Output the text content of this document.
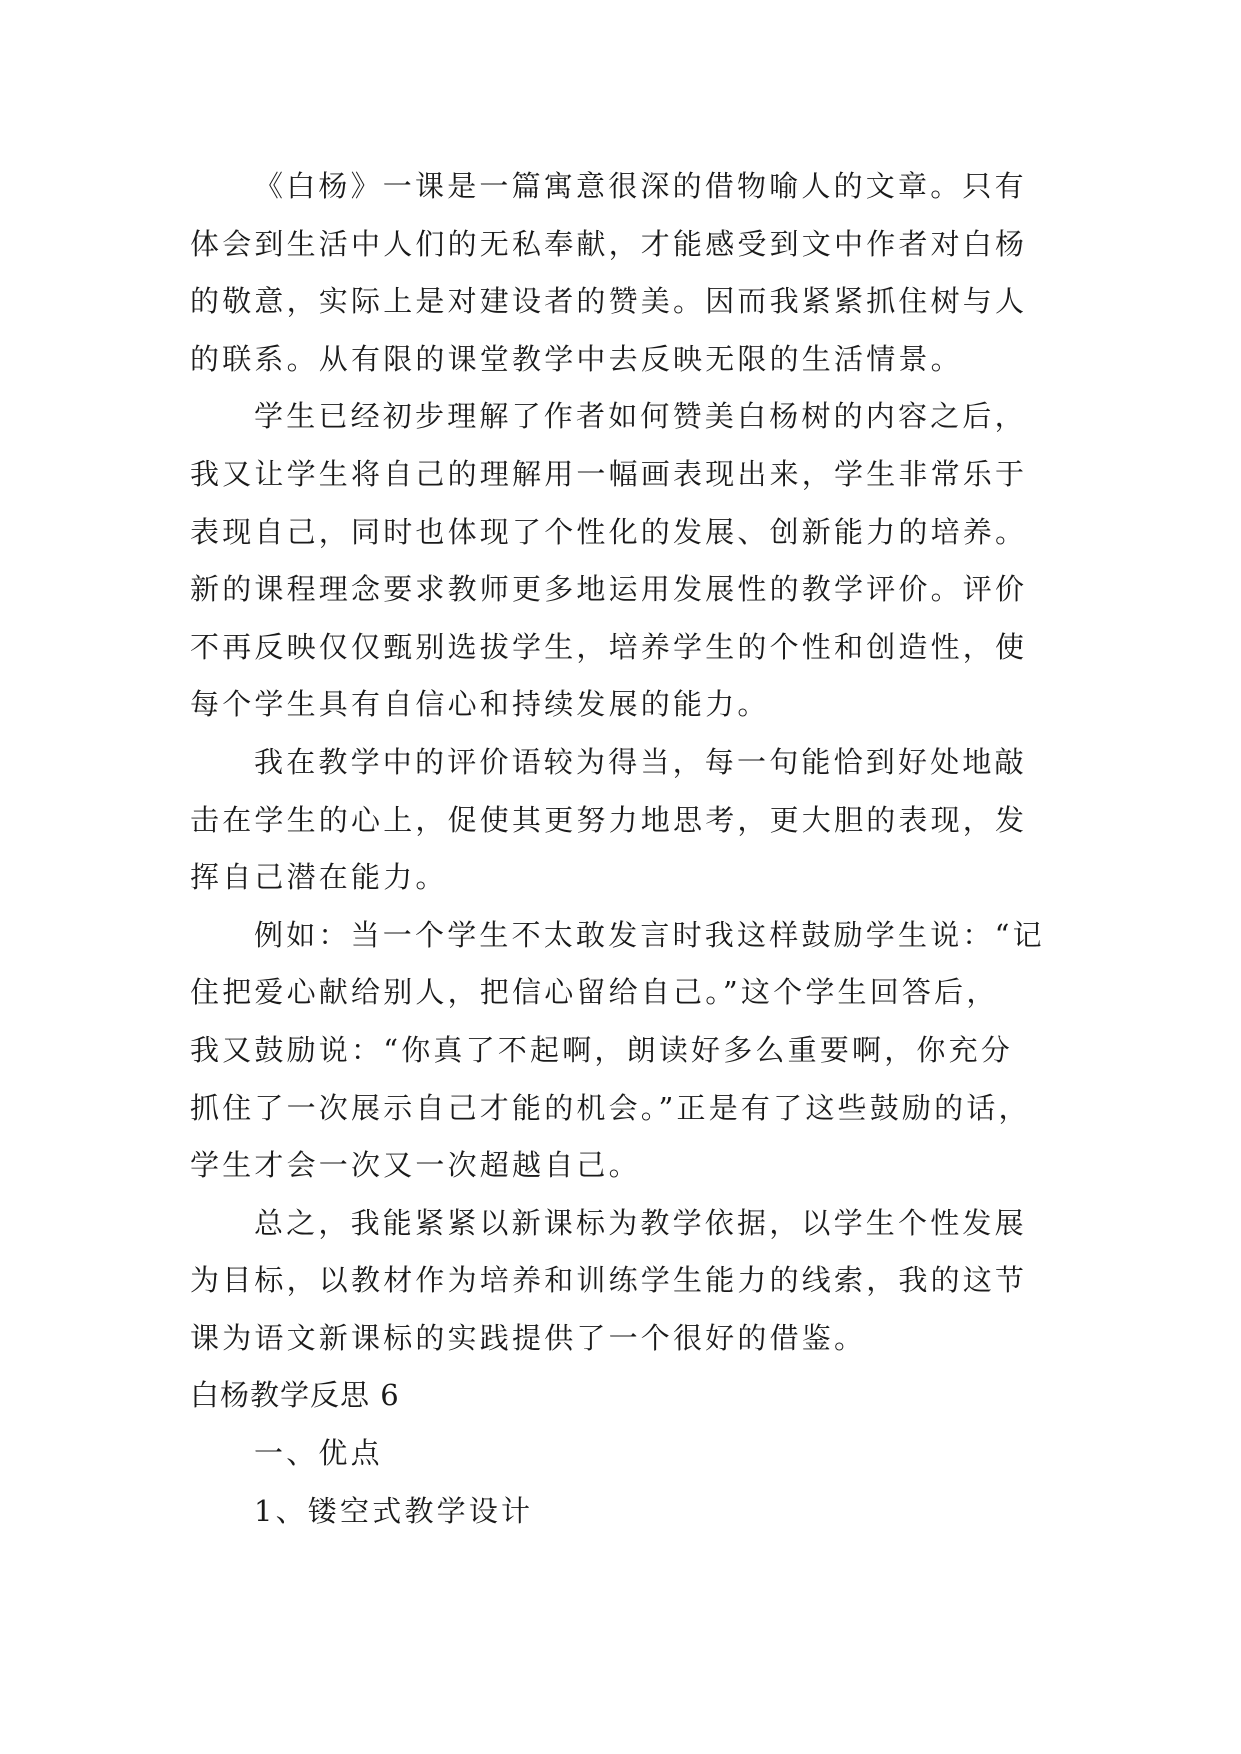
《白杨》一课是一篇寓意很深的借物喻人的文章。只有
体会到生活中人们的无私奉献，才能感受到文中作者对白杨
的敬意，实际上是对建设者的赞美。因而我紧紧抓住树与人
的联系。从有限的课堂教学中去反映无限的生活情景。
学生已经初步理解了作者如何赞美白杨树的内容之后，
我又让学生将自己的理解用一幅画表现出来，学生非常乐于
表现自己，同时也体现了个性化的发展、创新能力的培养。
新的课程理念要求教师更多地运用发展性的教学评价。评价
不再反映仅仅甄别选拔学生，培养学生的个性和创造性，使
每个学生具有自信心和持续发展的能力。
我在教学中的评价语较为得当，每一句能恰到好处地敲
击在学生的心上，促使其更努力地思考，更大胆的表现，发
挥自己潜在能力。
例如：当一个学生不太敢发言时我这样鼓励学生说：“记
住把爱心献给别人，把信心留给自己。”这个学生回答后，
我又鼓励说：“你真了不起啊，朗读好多么重要啊，你充分
抓住了一次展示自己才能的机会。”正是有了这些鼓励的话，
学生才会一次又一次超越自己。
总之，我能紧紧以新课标为教学依据，以学生个性发展
为目标，以教材作为培养和训练学生能力的线索，我的这节
课为语文新课标的实践提供了一个很好的借鉴。
白杨教学反思 6
一、优点
1、镂空式教学设计
